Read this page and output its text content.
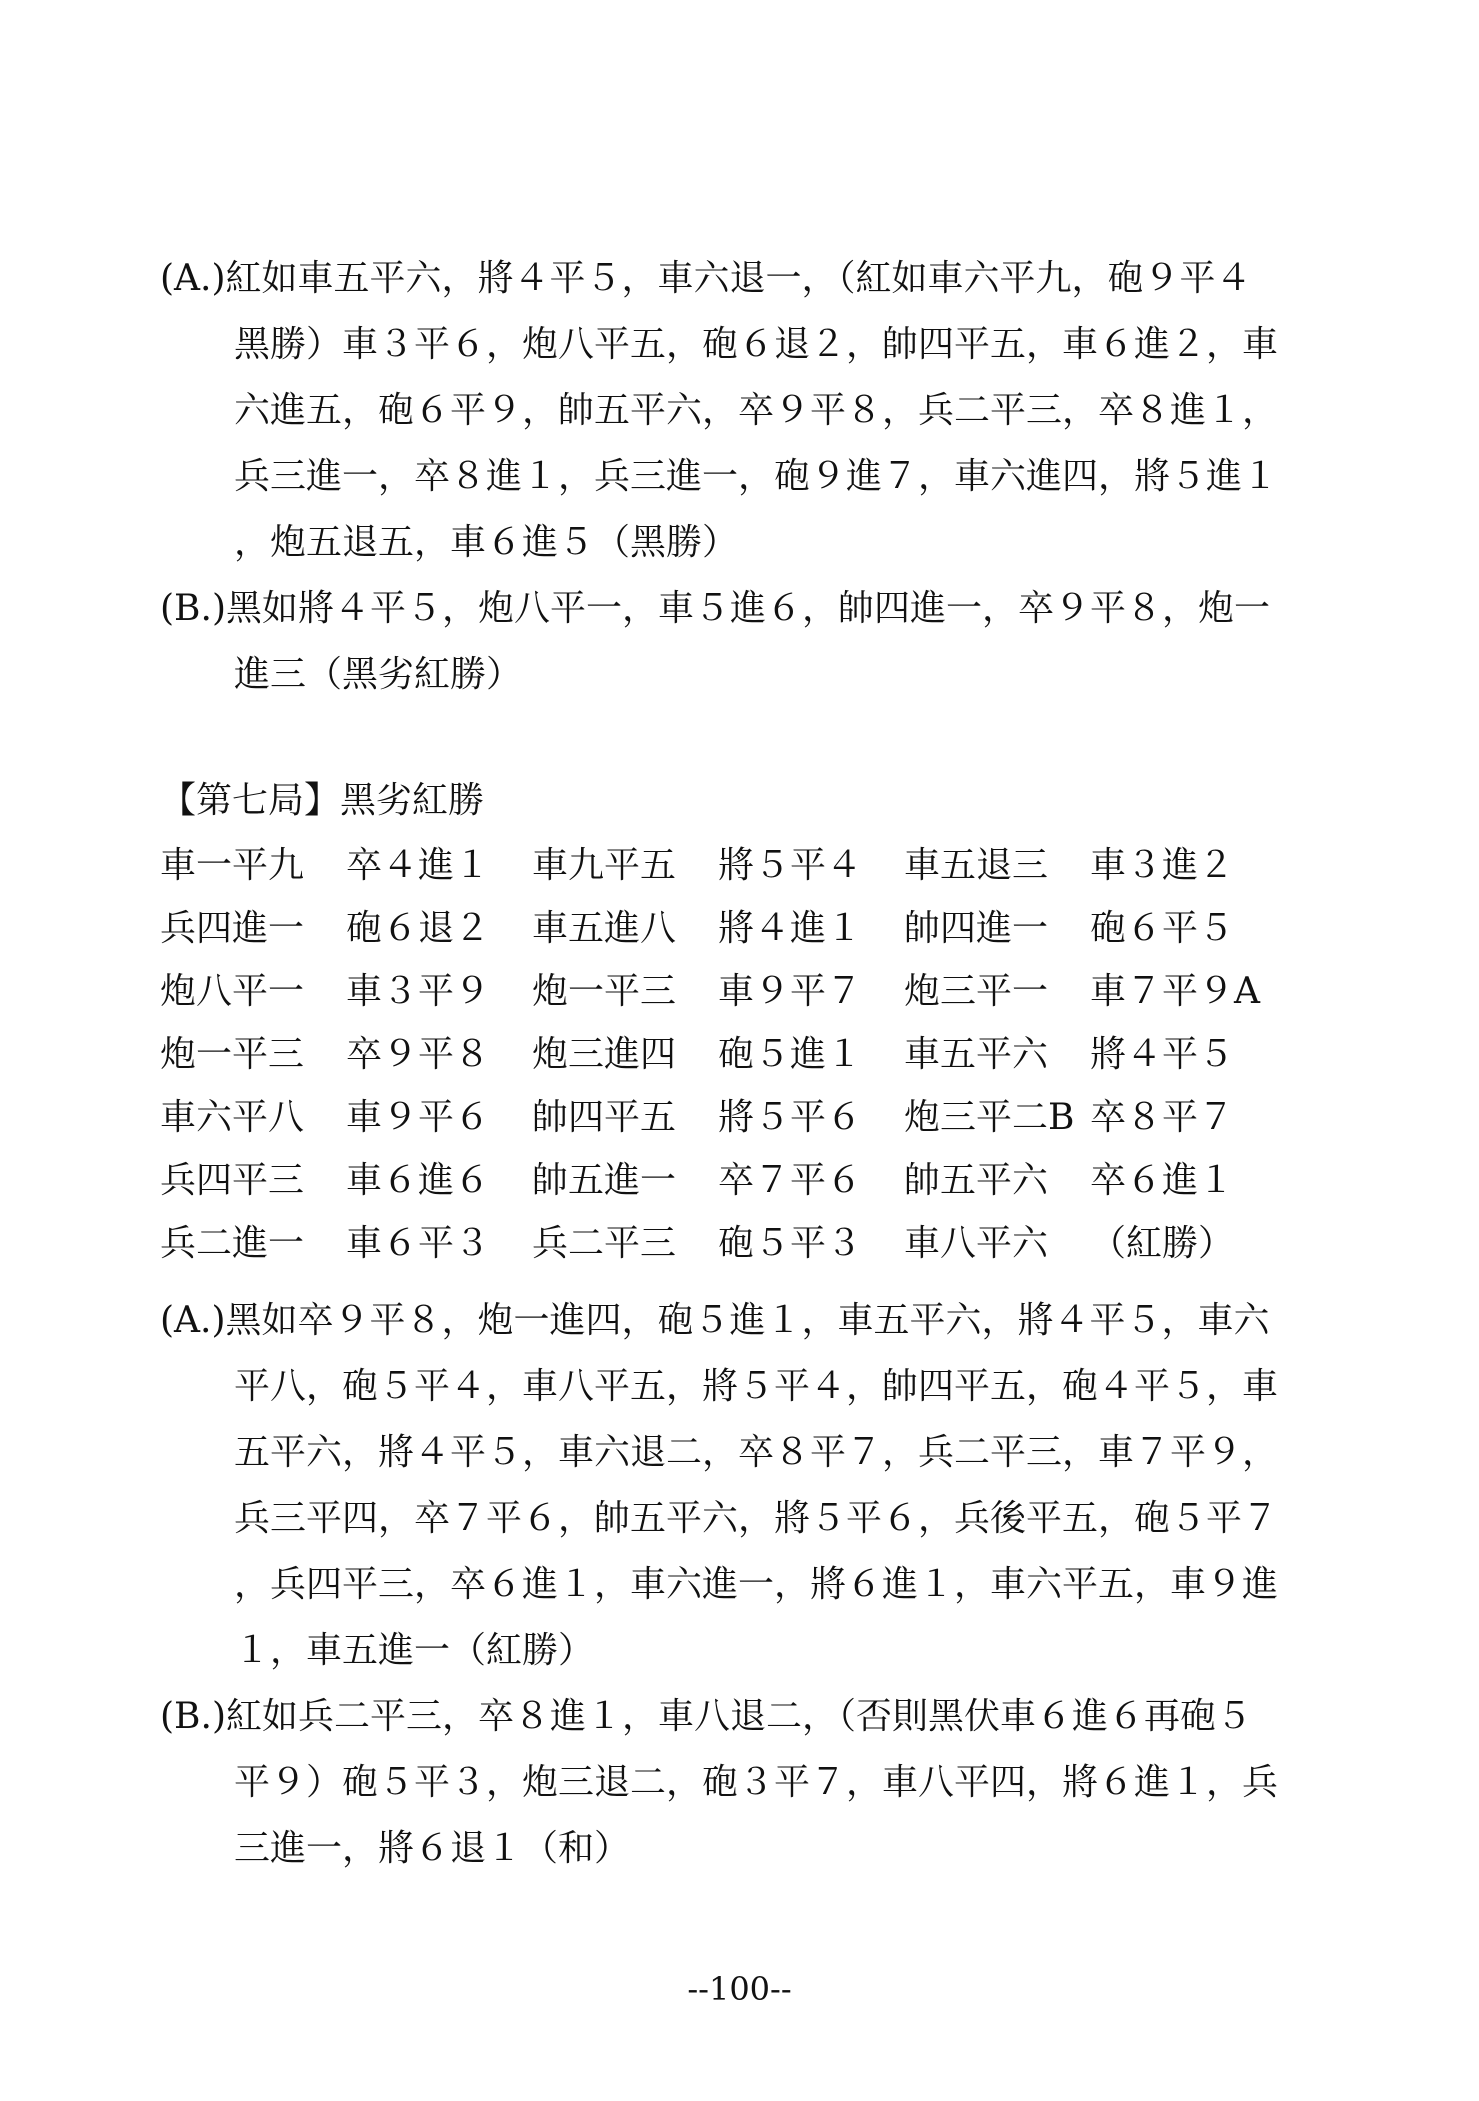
(A.)紅如車五平六，將４平５，車六退一，（紅如車六平九，砲９平４
黑勝）車３平６，炮八平五，砲６退２，帥四平五，車６進２，車
六進五，砲６平９，帥五平六，卒９平８，兵二平三，卒８進１，
兵三進一，卒８進１，兵三進一，砲９進７，車六進四，將５進１
，炮五退五，車６進５（黑勝）
(B.)黑如將４平５，炮八平一，車５進６，帥四進一，卒９平８，炮一
進三（黑劣紅勝）
【第七局】黑劣紅勝
車一平九	卒４進１	車九平五	將５平４	車五退三	車３進２
兵四進一	砲６退２	車五進八	將４進１	帥四進一	砲６平５
炮八平一	車３平９	炮一平三	車９平７	炮三平一	車７平９A
炮一平三	卒９平８	炮三進四	砲５進１	車五平六	將４平５
車六平八	車９平６	帥四平五	將５平６	炮三平二B 卒８平７
兵四平三	車６進６	帥五進一	卒７平６	帥五平六	卒６進１
兵二進一	車６平３	兵二平三	砲５平３	車八平六	（紅勝）
(A.)黑如卒９平８，炮一進四，砲５進１，車五平六，將４平５，車六
平八，砲５平４，車八平五，將５平４，帥四平五，砲４平５，車
五平六，將４平５，車六退二，卒８平７，兵二平三，車７平９，
兵三平四，卒７平６，帥五平六，將５平６，兵後平五，砲５平７
，兵四平三，卒６進１，車六進一，將６進１，車六平五，車９進
１，車五進一（紅勝）
(B.)紅如兵二平三，卒８進１，車八退二，（否則黑伏車６進６再砲５
平９）砲５平３，炮三退二，砲３平７，車八平四，將６進１，兵
三進一，將６退１（和）
--100--
